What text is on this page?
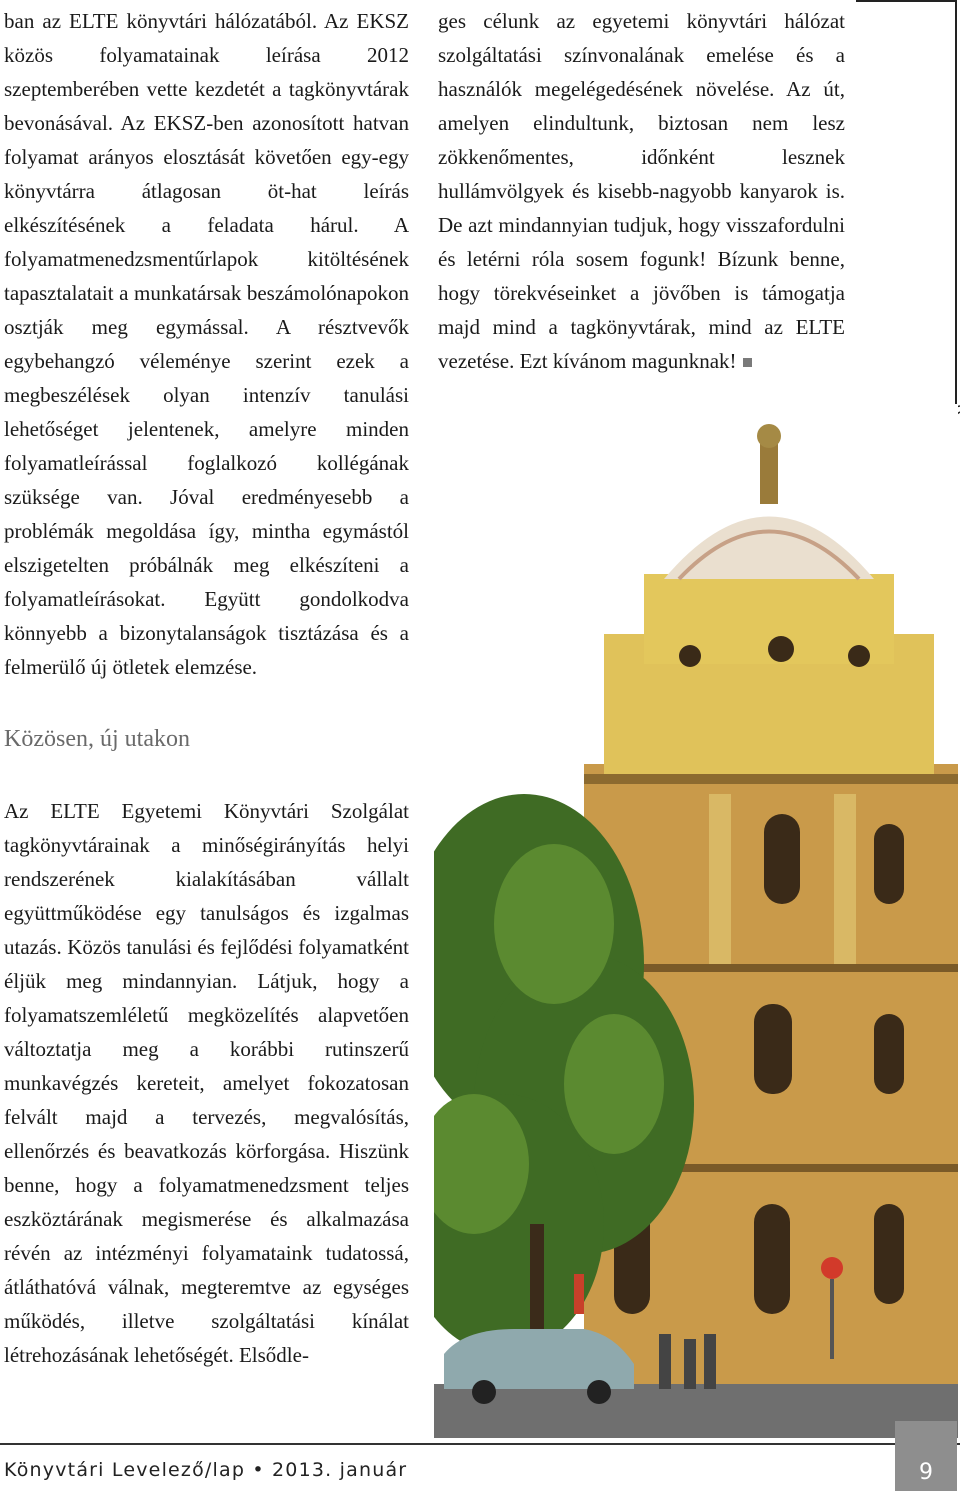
ban az ELTE könyvtári hálózatából. Az EKSZ közös folyamatainak leírása 2012 szeptemberében vette kezdetét a tagkönyvtárak bevonásával. Az EKSZ-ben azonosított hatvan folyamat arányos elosztását követően egy-egy könyvtárra átlagosan öt-hat leírás elkészítésének a feladata hárul. A folyamatmenedzsmentűrlapok kitöltésének tapasztalatait a munkatársak beszámolónapokon osztják meg egymással. A résztvevők egybehangzó véleménye szerint ezek a megbeszélések olyan intenzív tanulási lehetőséget jelentenek, amelyre minden folyamatleírással foglalkozó kollégának szüksége van. Jóval eredményesebb a problémák megoldása így, mintha egymástól elszigetelten próbálnák meg elkészíteni a folyamatleírásokat. Együtt gondolkodva könnyebb a bizonytalanságok tisztázása és a felmerülő új ötletek elemzése.

Közösen, új utakon

Az ELTE Egyetemi Könyvtári Szolgálat tagkönyvtárainak a minőségirányítás helyi rendszerének kialakításában vállalt együttműködése egy tanulságos és izgalmas utazás. Közös tanulási és fejlődési folyamatként éljük meg mindannyian. Látjuk, hogy a folyamatszemléletű megközelítés alapvetően változtatja meg a korábbi rutinszerű munkavégzés kereteit, amelyet fokozatosan felvált majd a tervezés, megvalósítás, ellenőrzés és beavatkozás körforgása. Hiszünk benne, hogy a folyamatmenedzsment teljes eszköztárának megismerése és alkalmazása révén az intézményi folyamataink tudatossá, átláthatóvá válnak, megteremtve az egységes működés, illetve szolgáltatási kínálat létrehozásának lehetőségét. Elsődle-

ges célunk az egyetemi könyvtári hálózat szolgáltatási színvonalának emelése és a használók megelégedésének növelése. Az út, amelyen elindultunk, biztosan nem lesz zökkenőmentes, időnként lesznek hullámvölgyek és kisebb-nagyobb kanyarok is. De azt mindannyian tudjuk, hogy visszafordulni és letérni róla sosem fogunk! Bízunk benne, hogy törekvéseinket a jövőben is támogatja majd mind a tagkönyvtárak, mind az ELTE vezetése. Ezt kívánom magunknak!

Könyvtári Levelező/lap • 2013. január	9
